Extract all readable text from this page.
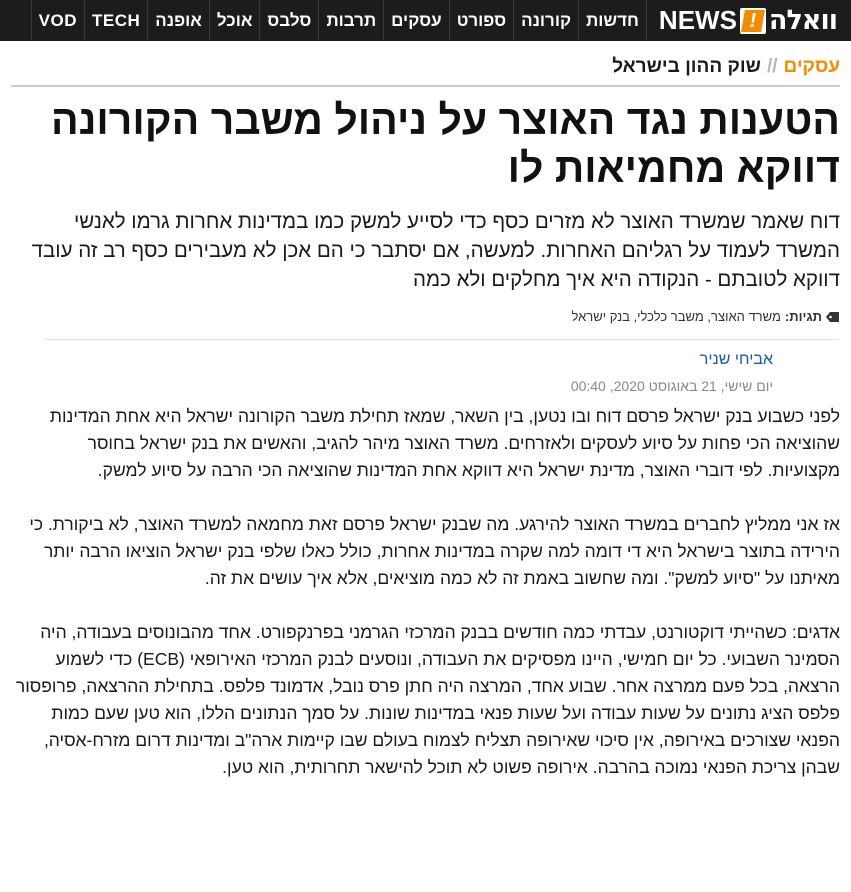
וואלה
!
NEWS
חדשות
קורונה
ספורט
עסקים
תרבות
סלבס
אוכל
אופנה
TECH
VOD
עסקים
//
שוק ההון בישראל
הטענות נגד האוצר על ניהול משבר הקורונה דווקא מחמיאות לו
דוח שאמר שמשרד האוצר לא מזרים כסף כדי לסייע למשק כמו במדינות אחרות גרמו לאנשי המשרד לעמוד על רגליהם האחרות. למעשה, אם יסתבר כי הם אכן לא מעבירים כסף רב זה עובד דווקא לטובתם - הנקודה היא איך מחלקים ולא כמה
תגיות:
משרד האוצר, משבר כלכלי, בנק ישראל
אביחי שניר
יום שישי, 21 באוגוסט 2020, 00:40

לפני כשבוע בנק ישראל פרסם דוח ובו נטען, בין השאר, שמאז תחילת משבר הקורונה ישראל היא אחת המדינות שהוציאה הכי פחות על סיוע לעסקים ולאזרחים. משרד האוצר מיהר להגיב, והאשים את בנק ישראל בחוסר מקצועיות. לפי דוברי האוצר, מדינת ישראל היא דווקא אחת המדינות שהוציאה הכי הרבה על סיוע למשק.

אז אני ממליץ לחברים במשרד האוצר להירגע. מה שבנק ישראל פרסם זאת מחמאה למשרד האוצר, לא ביקורת. כי הירידה בתוצר בישראל היא די דומה למה שקרה במדינות אחרות, כולל כאלו שלפי בנק ישראל הוציאו הרבה יותר מאיתנו על "סיוע למשק". ומה שחשוב באמת זה לא כמה מוציאים, אלא איך עושים את זה.

אדגים: כשהייתי דוקטורנט, עבדתי כמה חודשים בבנק המרכזי הגרמני בפרנקפורט. אחד מהבונוסים בעבודה, היה הסמינר השבועי. כל יום חמישי, היינו מפסיקים את העבודה, ונוסעים לבנק המרכזי האירופאי (ECB) כדי לשמוע הרצאה, בכל פעם ממרצה אחר. שבוע אחד, המרצה היה חתן פרס נובל, אדמונד פלפס. בתחילת ההרצאה, פרופסור פלפס הציג נתונים על שעות עבודה ועל שעות פנאי במדינות שונות. על סמך הנתונים הללו, הוא טען שעם כמות הפנאי שצורכים באירופה, אין סיכוי שאירופה תצליח לצמוח בעולם שבו קיימות ארה"ב ומדינות דרום מזרח-אסיה, שבהן צריכת הפנאי נמוכה בהרבה. אירופה פשוט לא תוכל להישאר תחרותית, הוא טען.
